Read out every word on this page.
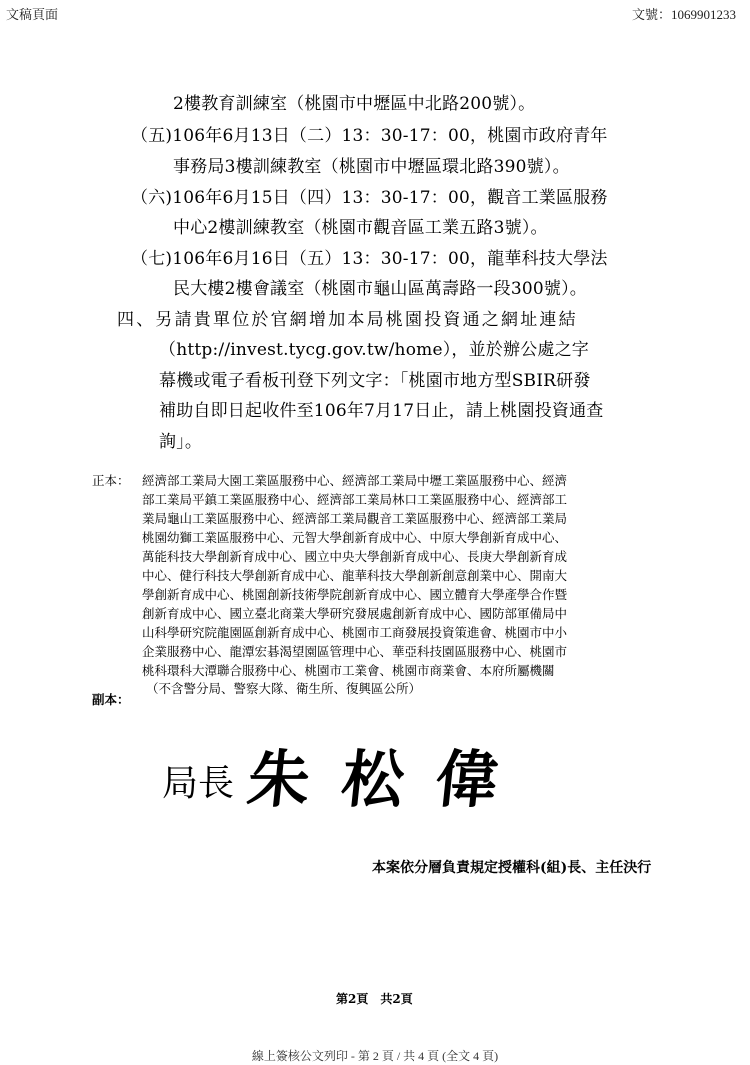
文稿頁面	文號：1069901233
2樓教育訓練室（桃園市中壢區中北路200號）。
（五)106年6月13日（二）13：30-17：00，桃園市政府青年
事務局3樓訓練教室（桃園市中壢區環北路390號）。
（六)106年6月15日（四）13：30-17：00，觀音工業區服務
中心2樓訓練教室（桃園市觀音區工業五路3號）。
（七)106年6月16日（五）13：30-17：00，龍華科技大學法
民大樓2樓會議室（桃園市龜山區萬壽路一段300號）。
四、另請貴單位於官網增加本局桃園投資通之網址連結
（http://invest.tycg.gov.tw/home），並於辦公處之字
幕機或電子看板刊登下列文字：「桃園市地方型SBIR研發
補助自即日起收件至106年7月17日止，請上桃園投資通查
詢」。
正本： 經濟部工業局大園工業區服務中心、經濟部工業局中壢工業區服務中心、經濟
部工業局平鎮工業區服務中心、經濟部工業局林口工業區服務中心、經濟部工
業局龜山工業區服務中心、經濟部工業局觀音工業區服務中心、經濟部工業局
桃園幼獅工業區服務中心、元智大學創新育成中心、中原大學創新育成中心、
萬能科技大學創新育成中心、國立中央大學創新育成中心、長庚大學創新育成
中心、健行科技大學創新育成中心、龍華科技大學創新創意創業中心、開南大
學創新育成中心、桃園創新技術學院創新育成中心、國立體育大學產學合作暨
創新育成中心、國立臺北商業大學研究發展處創新育成中心、國防部軍備局中
山科學研究院龍園區創新育成中心、桃園市工商發展投資策進會、桃園市中小
企業服務中心、龍潭宏碁渴望園區管理中心、華亞科技園區服務中心、桃園市
桃科環科大潭聯合服務中心、桃園市工業會、桃園市商業會、本府所屬機關
（不含警分局、警察大隊、衛生所、復興區公所）
副本：
局長 朱松偉
本案依分層負責規定授權科(組)長、主任決行
第2頁　共2頁
線上簽核公文列印 - 第 2 頁 / 共 4 頁 (全文 4 頁)
